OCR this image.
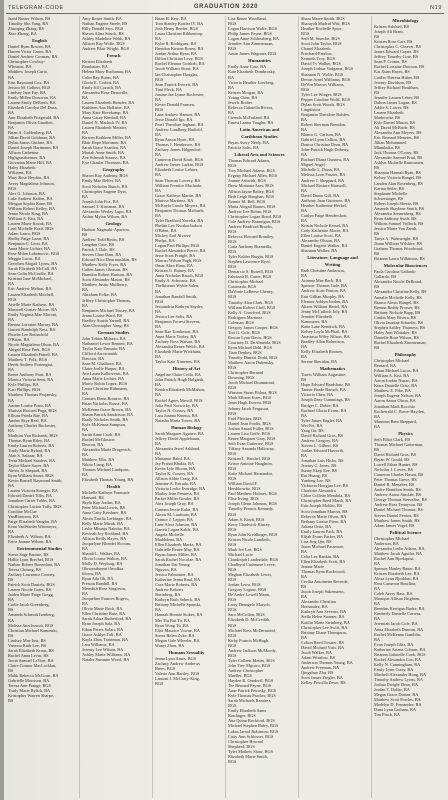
TELEGRAM-CODE	GRADUATION 2020	N19
Jared Baxter Wilson, BS
Timothy Sho Yang, BA
Zhaoqing Zhang, BS
Xiao Zhong, BA
English
Daniel Ryan Bowen, BA
Darren Victor Carter, BA
Daniel Andrew Cosman, BA
Christopher Cowboy-
Wheaton, BA
Matthew Joseph Curto,
BA
Erin Raymond Cox, BA
Jessica M. Colbert, BGS
Lindsay Jane Fay, BA
Emily Millen Donovan, BA
Lauren Emily DeBroth, BA
Elizabeth Carolyn Del Duca,
BA
Ann Elizabeth Fitzgerald, BA
Benjamin Olivia Gaudiott,
BA
Brian A. Goldenberg, BA
Jillian David Goldman, BA
Dylan James Guthrie, BA
Daniel Joseph Hartmann, BA
Allison Catherine
Highgrassheimer, BA
Giovanna Marie Hill, BA
Haley Elizabeth
Williams, BA
Mary Rose Heyden, BA
Avery Magdalena Johnson,
BGS
Alex G. Johnson, BA
Luke Andrew Kaffen, BA
Meagan Sophia Kane, BS
William Robert Kelley, BA
Jenna Nicole King, BA
William A. Kist, BA
Lauren Marie Kozak, BA
Lisel Michelle Kraft, BGS
Adam Lauro, BGS
Shelby Paige Lazar, BA
Benjamin C. Leon, BA
Anna Marie Lichter, BA
Rose Milan Lubranovic, BGS
Meggie Lucas, BA
Gretchen Abigail Lyons, BA
Sarah Elizabeth McCall, BA
Sean Colin McCrudle, BA
Kristina Jane McMichael,
BA
Eric Andrew Melton, BA
Lauren Elizabeth Mitchell,
BGS
Arielle Marie Kathryn, BA
Maxwell Gustav Moore, BA
Emily Virginia Mae Moroni,
BA
Brenna Lorraine Murray, BA
Garrett Randolph Ness, BA
Phoebe Lee Rothschild
O'Brien, BA
Nicole Magdalena Olson, BA
Abigail Rose Park, BGS
Lauren Elizabeth Patrell, BA
Matthew T. Polk, BGS
Derek Andrew Portengast,
BA
Reese Anthony Pratt, BA
Monica Victoria Sens, BA
Kyle Phillips, BA
Kari Phillips, BGS
Matthew Thomas Projansky,
BA
Justine Louise Prato, BA
Marissa Howard Puga, BGS
Ellison Frieda Rae, BA
Amber Skye Real, BA
Anthony Charles Rochester,
BA
Madison Von Richards, BGS
Thomas Ryan Riley, BA
Emily Lauren Roberts, BA
Trudy Marie Rylard, BA
Alan S. Salazar, BA
Trent Michael Sanders, BA
Taylor Marie Sayer, BA
Alexis Jo Shepard, BA
Ryan William Smart, BGS
Kevin Russell Raymond Smith,
BA
Lauren Victoria Stringer, BA
Edward Daniel Tillis, BA
Jonathon Carter Tubbs, BA
Christopher Lucien Tully, BGS
Caroline McCue
VanBlaricom, BA
Paige Elizabeth Vaughn, BA
Evan VanWarder Wittmeyer,
BA
Elizabeth A. Wilson, BA
Erica Joanne Wilson, BA
Environmental Studies
Sierra Sage Barone, BS
Hallie Lynn Brechel, BGS
Nathan Robert Bonenfant, BA
Teresa Cheung, BS
Zachary Lawrence Cooney,
BS
Patrick Scott Daniels, BGS
Lauren Nicole Gates, BS
Jaiden Marie Paige Gregg,
BA
Carlie Jacob Greenberg,
BS
Amanda Schmidt Isenberg,
BA
Melissa Ann Jezouit, BGS
Christian Michael Kaminski,
BS
Lindsey Mae Just, BS
Vanessa Ruth Lee, BS
Sarah Elizabeth Kraus, BS
Rachel Anna Levin, BS
Jacob Samuel LeVine, BA
Claire Connor MacLachlan,
BS
Malik Rebecca McCourt, BA
Gabrielle Morrison, BA
Teresa Ann Prange, BGS
Trudy Marie Rylick, BA
Kristopher Warren Sharpe,
BS
Amy Renee Smith, BA
Nathan Eugene Steele, BS
Billy Donald Stys, BGS
Shawn Alina Struck, BS
Ashley Madeline Webb, BA
Allison Kay Wolfe, BGS
Andrew Blair Wright, BGS
French
Kirsten Elizabeth
Bombauer, BA
Helena Mary Buchanan, BA
Colin Ray Burns, BA
Gloria E. Corbitt, BA
Emily Jill Cozuch, BA
Alexandra Rose Deauville,
BA
Lauren Elizabeth Heitzler, BA
Kathleen Ann Hollister, BA
Mary Kate Hovekamp, BA
Anna Casey Kimball, BA
Daniel N. Marlock IV, BA
Lauren Elizabeth Metzler,
BA
Kirsten Kathleen Miller, BA
Blair Hope Mortimer, BA
Sarah Grace Scanlon, BA
Mariah Anne Smith, BA
Zoe Schmidt Strauss, BA
Kye Chaulet Thomsen, BA
Geography
Shawn Kay Audemy, BGS
Emily Mae Belfer, BA
Scott Nicholas Bunch, BA
Christopher Eugene Dyer,
BA
Joseph John Fox, BA
Samuel T. Kirtsman, BA
Alexander Wesley Lupo, BA
Arthur Mylon Wilson, BA
Geology
Hudson Nagasaki-Aparicio,
BS
Andrew Todd Bettis, BS
Langdon Case, BS
Patrick J. Dale, BS
Steven Chue Dam, BA
Edward Nico Dourmashkin, BS
Matthew Kelly Fryer, BA
Cullen James Gleason, BS
Brandon Robert Hartson, BA
Scott Alexander Mason, BS
Matthew Justin Mullberry,
BA
Abraham Folke, BA
Jeffery Christopher Thomas,
BA
Benjamin Michael Tussey, BA
Jenna Louise Ward, BS
Bradley Austin Yarnell, BA
Alan Christopher Yang, BS
German Studies
John Tobias Milazzo, BA
Nathaniel Lewis Bennett, BA
Taylor Kate Damato, BA
Clifford Arrowsmith
Dawson, BA
Sean M. Ghalhorn, BA
Claire Joelle Harper, BA
Ava Laura Kalkovenis, BA
Anna Marie Lichter, BA
Marco Robin Lopez, BGS
Laura Christine Rühmann,
BA
Carmen Elena Romero, BA
Brian Nicholas Rouse, BA
McKenna Grace Brown, BA
Shaun Patrick Sanderson, BA
Brady Nicholas Smith, BA
Kyle McKenna Sampson,
BA
Sarah Anne Cook, BA
Rachel McGlasson
Deacon, BA
Alexandra Marie Dragovich,
BA
Matthew Ellis, BA
Nikita Liang, BA
Thomas Michael Lindquist,
BA
Elizabeth Thomas Young, BA
Health
Michelle Kathryn Yonnuzie
Hansard, BS
Skyla Kay Jordan, BA
Peter Michael Lewis, BS
Anna Caity Kershner, BA
Alexis Emilia Lerbinger, BA
Kelly Marie Mizak, BA
Leslie Mhunju Nakuba, BA
Kevinah Joy Richland, BA
Allison Reilly Hayes, BA
Jacquelyne Blondel Slocum,
BA
Shandi L. Walker, BA
Olivia Louise Walton, BA
Molly D. Weyburg, BA
Oluwanifunmi Omolkia
Idowu, BA
Ryan Ada Oh, BA
Preston Randall, BA
Meredith Rose Singleton,
BA
Jacqueline Frances Rogers,
BA
Olivia Marie Rock, BA
Ellen Christine Ruiz, BA
Sarah Adora Rutherford, BA
Ryan Joseph Sala, BA
Ethan Peters Solari, BA
Grace Ashlyn Tolf, BA
Kayla Zhou Trautman, BA
Lara Williams, BA
Jeremy Lee Wilson, BA
Ashley Marie Williams, BA
Natalie Suzanne Wood, BA
Brian H. Kerr, BA
Tom Stanley Kottler IV, BA
Josh Henry Reeder, BGS
Laura Christine Ribbentrop,
BA
Kylie R. Rodriguez, BA
Brendon Kirsten Rosen, BA
Jordan Arthur Ryan, BA
Dillon Christian Levy, BGS
Rachel Eleanor Gottlieb, BA
Jacob William Stone, BA
Ian Christopher Douglas,
BGS
Sean Patrick Everett, BA
Timi Fleck, BA
Justine Jae Lynne Rochester,
BA
Kevin Donald Fransen,
BGS
Lane Andrew Hansen, BA
Jesse Donald Igo, BA
Pearl Theodore Ingham, BA
Andrew Lundberg Hatfield,
BA
Ryan Anson Hyatt, BA
Thomas J. Henderson, BA
Zachary James Hilgendorf,
BA
Cameron David Kraft, BGS
Andrew James Larkin, BGS
Elizabeth Louise Lehner,
BA
Sean Thomas Lowery, BA
William Prentice Machado,
BA
Grace Kathryn Martin, BA
Marissa Martinez, BA
McKayla Carole Meyers, BA
Benjamin Thomas Michaels,
BA
Tyler Bradford Novelia, BA
Phelim Leo Nwakochukwu
O'Brien, BA
Mickey Earl Alvarez
Phelps, BA
Logan Paul Phillips, BGS
Rachel Alexandra Pierce, BA
Jesse Scott Pringle, BA
Marcus Wilson Pugh, BGS
Omar Abeo Rana, BA
Kristen G. Rainey, BA
Anna Nicholas Rauch, BGS
Emily A. Schwartz, BA
Thelkisener Wylde Saleu,
BA
Jonathan Randall Smith,
BGS
Jessamdria Kathryn Snyder,
BA
Jessica Lee Solis, BA
Benjamin Forrest Stevens,
BA
Sean Rae Tomlinson, BA
Anne Marie Tooley, BA
Zachary Ross Watson, BA
Alexandra Renee Welch, BA
Elizabeth Marie Wickham,
BA
Taylor Kate Ximenes, BA
History of Art
Angeline Claire Colla, BA
John Patrick Hugh Holgarth,
BA
Kendra Elizabeth McMahon,
BA
Rachel Agnes Merrill, BGS
Julia Paul Norwicky, BA
Taylor N. Conroy, BA
Lara Joanna Kinetta, BA
Natasha Maria Torres, BA
Human Biology
Sarah Margaret Aguirre, BA
Jeffrey David Applebaum,
BA
Alexandra Jewel Ashlund,
BA
Marianne Bahd, BA
Jay Prahal Bhakta, BA
Kevin Lyle Bloom, BA
Taylor K. Conroy, BA
Allison Abbie Craig, BA
Jasmine A. Estrada, BA
Victoria Leslie Everidge, BA
Marley Jean Fentress, BA
Parker Miller Gosder, BA
Alex Joseph Gray, BA
Carmen Jessie Kuhn, BA
Alexis M. Laufman, BA
Connor J. Lepper, BA
Lane Alexi Johnson, BA
Garrett Logan Kable, BA
Angela Michelle
Maddalena, BA
Ellen Elizabeth Marks, BA
Gabrielle Renee May, BA
Bryan James Miller, BA
Sarah Rachel Nocolae, BA
Jonathan Dai Young
Nguyen, BA
Jessica Palmonier, BA
Katherine Jenna Raul, BA
Cora Marie Roberts, BA
Andrew Roberts
Sheinberg, BA
Kathryn Ruth Sobeck, BA
Brittany Michelle Spanski,
BA
Hannah Bonnie Stokes, BA
Mei Thi Bui Tu, BA
Ryan Wong Tu, BA
Elise Maurice Vowne, BA
Sierra Helen Zyke, BA
Megan Gale Wheeler, BA
Wanyi Zhou, BA
Humans Sexuality
Jenna Lynn Ames, BGS
Zachary Andrew Andrews
Brees, BGS
Valerie Ann Bartley, BGS
Lamont J. McCrary-King,
BGS
Lisa Renee Woodland,
BGS
Logan Harrison Wolfe, BGS
Philip James Payne, BGS
Logan Anne Schlossberg, BA
Jennifer Ann Zimmerman,
BGS
Justin James Wagoner, BGS
Humanities
Emily Anne Cruz, BA
Kate Elizabeth Dombrosky,
BA
Victoria Heather Loerberg,
BA
Kristen Morgan, BA
Young Chen, BA
Jewels Rodier
Rebecca Gabriella Rivera,
BA
Cirenda McFarland, BA
Ernest Lamar Vaughn, BA
Latin American and
Caribbean Studies
Bryan Avery Neely, BA
Patricia Solis, BA
Liberal Arts and Sciences
Thomas Edward Adams,
BGS
Troy Michael Adams, BGS
Evgeny Michael Allen, BGS
Joanne Ashwith, BGS
Drew Montana Auer, BGS
Allison Jayne Bailey, BGS
Beth Leigh Baughan, BGS
Ronnie M. Bell, BGS
Maria Abigail Barnes, BGS
Andrew Lee Bohm, BGS
Christopher Logan Bond, BGS
Cole Andrew Brannigan, BGS
Andrew Bradford Brooks,
BGS
Rebecca Howard Brantley,
BGS
Carla Anthony Bramzilla,
BGS
Tyler Kohler Burgin, BGS
Stephen Lawrence Byrd,
BGS
Demarcio S. Burrell, BGS
Fabrizzia B. Carter, BGS
Christopher Michael
Casteneda, BGS
DaVonte LaReese Cheney,
BGS
Timothy Alan Clark, BGS
William Robert Cluff, BGS
Kelly A. Crawford, BGS
Rodrigues Martinez
Coleman, BGS
Gregory James Cooper, BGS
Tori G. Cole, BGS
Rowan Lynn Davis, BGS
Courtney D. DeAlmeida, BGS
Ryan Michael Dehl, BGS
Tiara Denkey, BGS
Timothy Dimitri Dodd, BGS
Matthew Aaron Dubensky,
BGS
Christopher Bernard
Downing, BGS
Jacob Michael Drummond,
BGS
Winston Stuart Eldora, BGS
Mark Ellison Estes, BGS
Janet Hugh Everett, BGS
Johnny Jacob Ferguson,
BGS
Enid Fletcher, BGS
Daniel Jean Fordis, BGS
Joshua Amaal Fuller, BGS
Lauren Lisa Goffe, BGS
Renee Margaret Gray, BGS
Seth Evan Gutierrez, BGS
Tiffany Amanda Halloway,
BGS
Kristen L. Hatchel, BGS
Krisse Antoine Haughton,
BGS
Katie Michael Hernandez,
BGS
William David F.
Hershkowitz, BGS
Paul Matthew Holmes, BGS
Elise Irving, BGS
Joseph Glenn Johnson, BGS
Timothy Francis Kennedy,
BGS
Adam S. Kindt, BGS
Kerry Chadwick Kinsey,
BGS
Ryan John Kreidlinger, BGS
Kristen Nicole Lambeth,
BGS
Mark Ive Lee, BGS
Michael Lucie
Clandinjub Lauderdale, BGS
Chadbyrd Cashmere Leeve,
BGS
Meghan Elizabeth Lewis,
BGS
Jordan Leow, BGS
Gregory Logino, BGS
De'Andre Lowell Mann,
BGS
Larry Deangelo Marych,
BGS
Sara McCollon, BGS
Elizabeth D. McCredith,
BGS
Michael Ross McDermottd,
BGS
Kirby Francis McHugh,
BGS
Andrew Jackson McMoody,
BGS
Tyler Colleen Mettes, BGS
John Trey Mgcoro, BGS
Andrew Christopher
Mueller, BGS
Hayden R. Orndorff, BGS
Tee Bernard Payne, BGS
Zane Patrick Petrosky, BGS
Kyle Thomas Pracker, BGS
Sarah Michaels Ramirez,
BGS
Emily Elizabeth Sams
Rasdinger, BGS
Ana Quinn Rockford, BGS
Michael Stephen Raley, BGS
Lukas Jarrod Robinson, BGS
Caity Ann Schlosser, BGS
Christopher Howard
Shepherd, BGS
Tyler Mathew Shaw, BGS
Elizabeth Marie Smith,
BGS
Shara Maree Smith, BGS
Sharayah Mudrid Witt, BGS
Heather Rochelle Spice,
BGS
Seth M. Stuecke, BGS
Scott John Taylor, BGS
Chanel Elizabeth
Pritchard-Patslow,
Kenneth Troy, BGS
David Tv Walker, BGS
Joseph Joshua Vadgama, BGS
Shannon N. Wolfe, BGS
Devon Arnel Williams, BGS
DeVon Marcus Williams,
BGS
Tyler Lee Winger, BGS
Pepper Caroline Wolff, BGS
Dylan Scott Woods, BGS
Lingüística
Benjamin Theodore Bolden,
BA
Robert Sherman Brendon,
BA
Blanco G. Carlson, BA
Gabriel Lynn Collins, BA
Danica Christina Dean, BA
John-Patrick Hugh Doherty,
BA
Rachael Diana Gunrow, BA
Miguel Angel
Michelle L. Dunn, BA
Melissa Leon Frazier, BA
Andrew J. Sheppard, BA
Michael Rostore Hartwell,
BA
David Daron Gill, BA
Anthony Juan Gutierrez, BA
Heather Katherine Heckel,
BA
Caitlyn Paige Hendershott,
BA
Kristin Nichole Kessel, BA
Cody Katherine Morse, BA
Ellen Louise Scott, BA
Alexander Olsson, BA
Daniel Eugene Walker, BA
Shannon Walker, BA
Literature, Language and
Writing
Ruth Christine Anderson,
BA
Arianna Mae Beck, BA
Spencer Thomas Gale, BA
Andrew Scott Fenton, BA
Erin Gillian Murphy, BA
Eleanor Ashlyn Jordan, BA
Alison William Hertel, BA
Jenny McCulloch Joly, BA
Jennifer Elizabeth
Kammerer, BA
Katie Lane Kendrick, BA
Kelsey Leyla McPhail, BA
Anastasia Wiley Nilson, BA
Bradley Allan Robertson,
BA
Kelly Elizabeth Rooney,
BA
Serene Sheridan, BA
Mathematics
Travis William Augustine,
BS
Hope Edward Bradshaw, BS
Tanner Brade Baruch, BA
Victoria Chen, BA
Joseph Zeny Cummings, BS
Bridget C. Dobie, BA
Rachael Gloria Evans, BA
BA
Tyler James Engler, BA
Wei Fei, BA
Yang Gu, BS
David Richard Gros, BS
Andrew Gregory, BA
Steven L. Gilbert, BS
Jordan Edward Haworth,
BA
Jonathan Luis Hicks, BS
Jeremy C. Jones, BS
Sunny Ekeji Eze, BS
Rui Huang, BS
Yunlong Lee, BS
Vicktoria Hongjun Lee, BS
Charlotte Alexandra
Chloe Collette Mendola, BA
Christopher Reed Marsh, BA
Erin Joseph Mohler, BS
Scott Jonathan Marcus, BS
Rebecca Marie Olson, BA
Bethany Louise Piero, BA
Juliana Ortiz, BA
Emily Lauren Pack, BA
Elijah Evans Parker, BA
Lisa Jing Qin, BS
Jason Michael Passmore,
BA
Celia Lee Rankin, BA
Ellen Elizabeth Scott, BA
Jeanne Marie
Thomas Ryan Rockwood,
BA
Cecilia Antoinette Reverde,
BS
Jacob Joseph Sukenstein,
BA
Alexander Christian
Hernandez, BA
Kathryn Ann Severns, BA
Stella Helen Stonner, BA
Kaitlin Marie Steinberg, BA
Christopher Lee Swift, BA
Brittany Diane Thompson,
BA
Colton Reed Towner, BS
David Michael Vrtis, BA
Jacob Walker, BA
Adam Winslow, BS
Anderson Thomas Young, BA
Andrew Freeman, BA
Qingzhuo Zhu, BS
Scott James Ziegler, BA
Kelley Priscilla Zewe, BS
Microbiology
Kristen Ashford, BS
Joseph Ali Brant,
BS
Kristen Rose Carr, BS
Christopher C. Cleaver, BS
James Edward Coyne, BS
Jeffrey Timothy Cote, BS
Sean P. Cronin, BS
Rachel Lorraine Dawson, BS
Kai Xuan Haxes, BS
Caitlin Theresa Huber, BS
Jeremy Davidson, BS
Jeffrey Richard Houlihan,
BS
Jennifer Lauren Leber, BS
Dalton James Logan, BS
Addie S. Lower, BS
Lauren Elizabeth
Markowitz, BS
Kyle Daniel Mason, BS
Ali David McBride, BS
Alexandra Ann Meyers, BS
Eric Bernard Menzies, BS
Jillian Mohammed
Mlambuka, BS
Jack Thomas O'Leary, BS
Alexander Samuel Prail, BS
Ashlyn Michelle Rasmussen,
BS
Shannon Hannah Ryan, BS
Kelsey Victoria Rangel, BS
Landen Alan Rosenberg, BS
Karina Seiler, BS
Stephanie Michelle
Schwesinger, BS
Robert Joseph Sheetz, BS
Amanda Shaylene Smith, BS
Alexandra Sonnenberg, BS
Ryan Anthony Swift, BS
Wilkins Samuel Vidlock, BS
Jessica Marie Van Zandt,
BS
Tanya A. Wainwright, BS
Jhann William Wilshire, BS
Graham Thomas Woodward,
BS
Brianna Laura Wilkinson, BS
Molecular Biosciences
Paola Carolina Gallardo
Gallardo, BS
Alexandra Nicole DeBrand,
BS
Alexandra Christine Kelly, BS
Annalie Michelle Kelly, BS
Bianca Alexis Rangel, BS
Brenna Reddy Prosser, BS
Brittany Nichole Rapp, BS
Caitlin Mary Rivera, BS
Olivia Jasmine Schaefer, BS
Stephen Ashley Thurness, BS
Haley Ann Whitaker, BS
Danielle Rose Wilson, BS
Rachel Elizabeth Zimmerman,
BS
Philosophy
Christopher Michael
Bernard, BA
Ethan Michael Lucas, BA
William A. Kist, BA
Aaron Jordan Nuzzo, BA
Kiara Danielle Ortiz, BA
Matthew E. Pike, BA
Joseph Eugene Nelson, BA
Aaron Aaron Olson, BA
Jonathan Mark Rocchio
Rocheirald C. Rowe-Hayden,
BA
Mamoun Bent Sheppard,
BA
Physics
Seth Elliot Clark, BS
Thomas Michael Gatterman,
BS
David Richard Gros, BS
Bryan W. Gould, BS
Lowell Ethan Hunter, BS
Nicholas J. Lowes, BS
Cameron Charles Hason, BS
Peter Thomas Greve, BS
Daniel B. Menalter, BS
Andre Hamilton Smith, BS
Andrew Aaron Sinclair, BS
George Thomas Siervalise, BS
Andrew Ross Tennyson, BS
Daniel Michael Thomas, BS
Steven Daniel Fenton, BS
Matthew James Smith, BS
Adam James Vogel, BS
Political Science
Christopher Michael
Anderson, BA
Alexandra Leslie Adams, BA
Matthew Jacob Aguilar, BA
Rachel Ann Bjorkquist,
BA
Spencer Hanley Bauer, BA
Kristen Elizabeth Lee, BA
Alexa Lynn Bjorklun, BA
Ross Cameron Bouillon,
BA
Caleb Avery Bass, BA
Monique Allison Brigham,
BA
Brendan Kerrigan Burke, BA
Kimberly Danielle Correia,
BA
Jeremiah Jacob Cole, BA
Anna Elizabeth Duncan, BA
Rachel McKenna Gamblin,
BA
Evan Joseph Glitz, BA
Katherine Ariana Coburn, BA
Brianna Gabrielle Cook, BGS
Rachel Alexandra Cox, BA
Kelly N. Cunningham, BA
Emily Lynn Curry, BA
Mitchell Alexander Hong, BA
Timothy Andrew Lyons, BA
Joshua Dwight Dean, BA
Jordan T. Dollar, BA
Megan Grace Dutton, BA
Matthew Scott Fowles, BA
Madelyn D. Fernandez, BA
Dana Lynn Gotham, BA
Tim Pinch, BA
